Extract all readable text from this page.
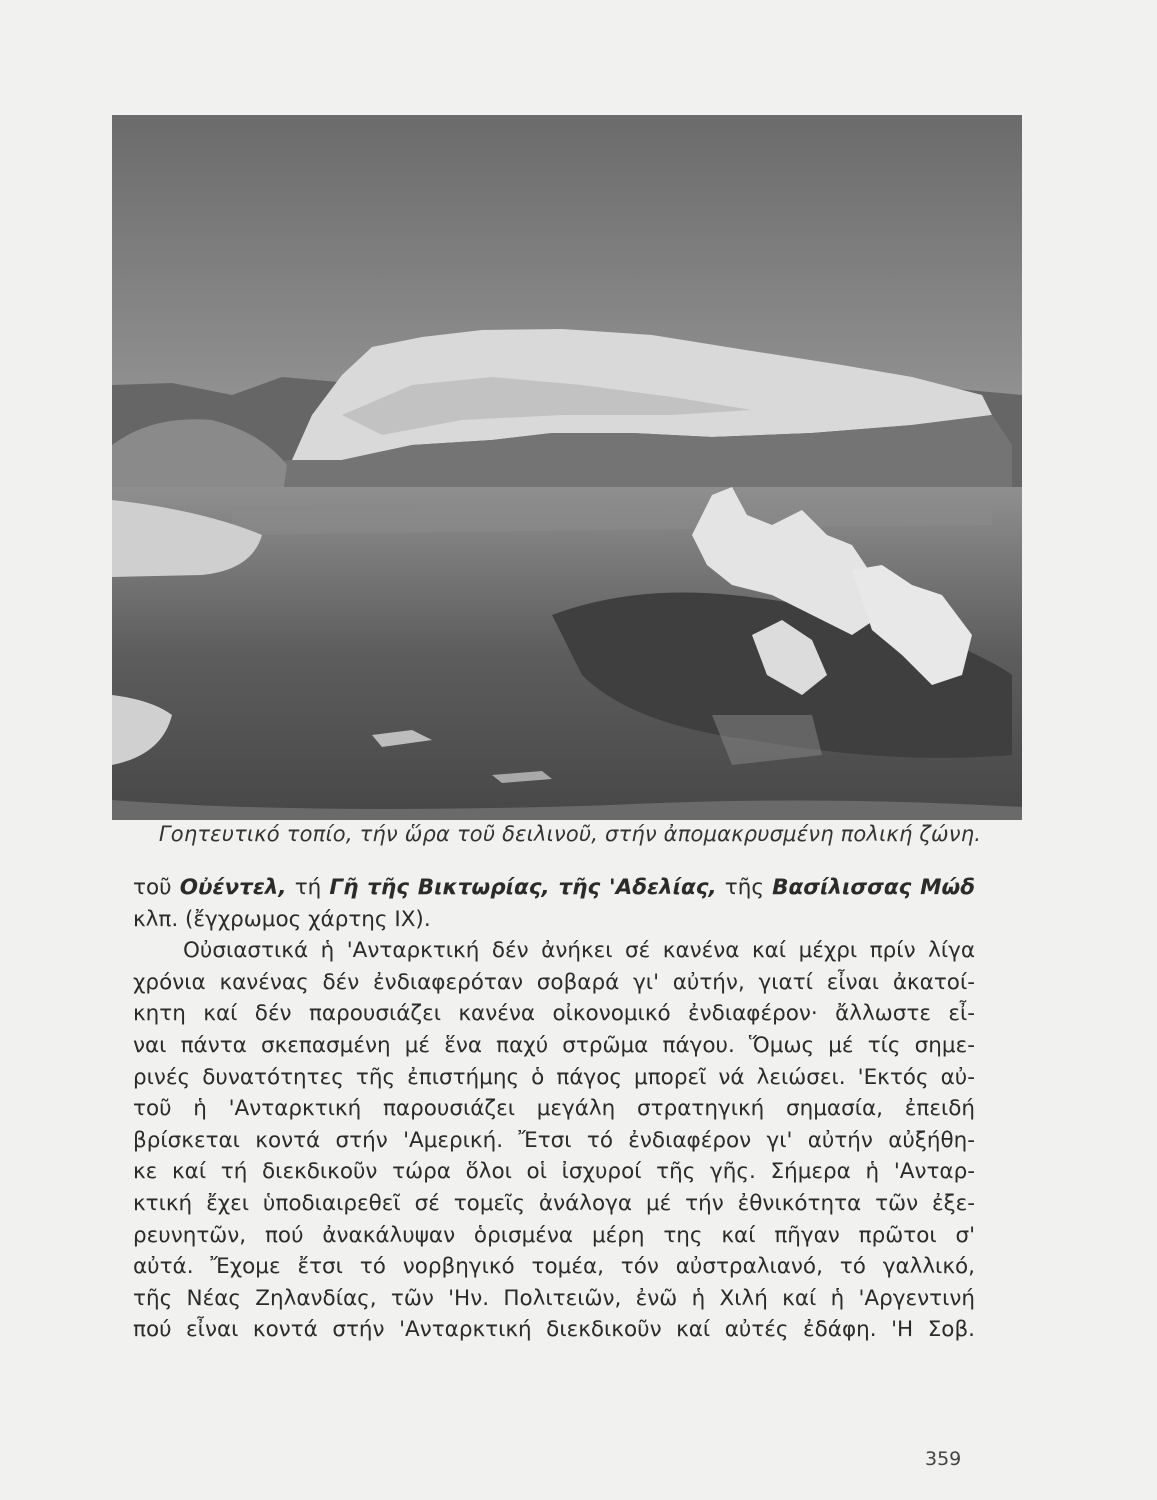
Γοητευτικό τοπίο, τήν ὥρα τοῦ δειλινοῦ, στήν ἀπομακρυσμένη πολική ζώνη.
τοῦ Οὐέντελ, τή Γῆ τῆς Βικτωρίας, τῆς 'Αδελίας, τῆς Βασίλισσας Μώδ
κλπ. (ἔγχρωμος χάρτης ΙΧ).
Οὐσιαστικά ἡ 'Ανταρκτική δέν ἀνήκει σέ κανένα καί μέχρι πρίν λίγα
χρόνια κανένας δέν ἐνδιαφερόταν σοβαρά γι' αὐτήν, γιατί εἶναι ἀκατοί-
κητη καί δέν παρουσιάζει κανένα οἰκονομικό ἐνδιαφέρον· ἄλλωστε εἶ-
ναι πάντα σκεπασμένη μέ ἕνα παχύ στρῶμα πάγου. Ὅμως μέ τίς σημε-
ρινές δυνατότητες τῆς ἐπιστήμης ὁ πάγος μπορεῖ νά λειώσει. 'Εκτός αὐ-
τοῦ ἡ 'Ανταρκτική παρουσιάζει μεγάλη στρατηγική σημασία, ἐπειδή
βρίσκεται κοντά στήν 'Αμερική. Ἔτσι τό ἐνδιαφέρον γι' αὐτήν αὐξήθη-
κε καί τή διεκδικοῦν τώρα ὅλοι οἱ ἰσχυροί τῆς γῆς. Σήμερα ἡ 'Ανταρ-
κτική ἔχει ὑποδιαιρεθεῖ σέ τομεῖς ἀνάλογα μέ τήν ἐθνικότητα τῶν ἐξε-
ρευνητῶν, πού ἀνακάλυψαν ὁρισμένα μέρη της καί πῆγαν πρῶτοι σ'
αὐτά. Ἔχομε ἔτσι τό νορβηγικό τομέα, τόν αὐστραλιανό, τό γαλλικό,
τῆς Νέας Ζηλανδίας, τῶν 'Ην. Πολιτειῶν, ἐνῶ ἡ Χιλή καί ἡ 'Αργεντινή
πού εἶναι κοντά στήν 'Ανταρκτική διεκδικοῦν καί αὐτές ἐδάφη. 'Η Σοβ.
359
